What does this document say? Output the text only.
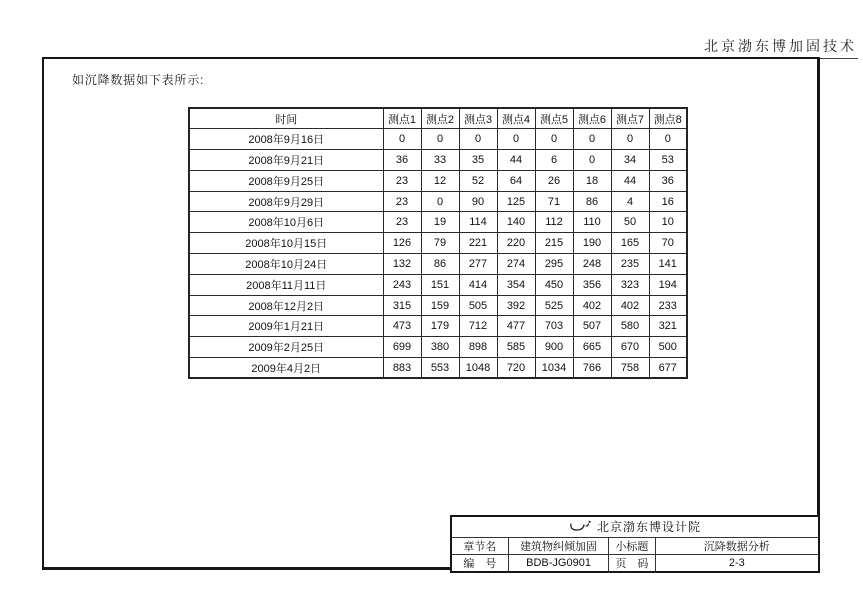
北京渤东博加固技术
如沉降数据如下表所示:
时间	测点1	测点2	测点3	测点4	测点5	测点6	测点7	测点8
2008年9月16日	0	0	0	0	0	0	0	0
2008年9月21日	36	33	35	44	6	0	34	53
2008年9月25日	23	12	52	64	26	18	44	36
2008年9月29日	23	0	90	125	71	86	4	16
2008年10月6日	23	19	114	140	112	110	50	10
2008年10月15日	126	79	221	220	215	190	165	70
2008年10月24日	132	86	277	274	295	248	235	141
2008年11月11日	243	151	414	354	450	356	323	194
2008年12月2日	315	159	505	392	525	402	402	233
2009年1月21日	473	179	712	477	703	507	580	321
2009年2月25日	699	380	898	585	900	665	670	500
2009年4月2日	883	553	1048	720	1034	766	758	677
北京渤东博设计院			
章节名	建筑物纠倾加固	小标题	沉降数据分析
编　号	BDB-JG0901	页　码	2-3
